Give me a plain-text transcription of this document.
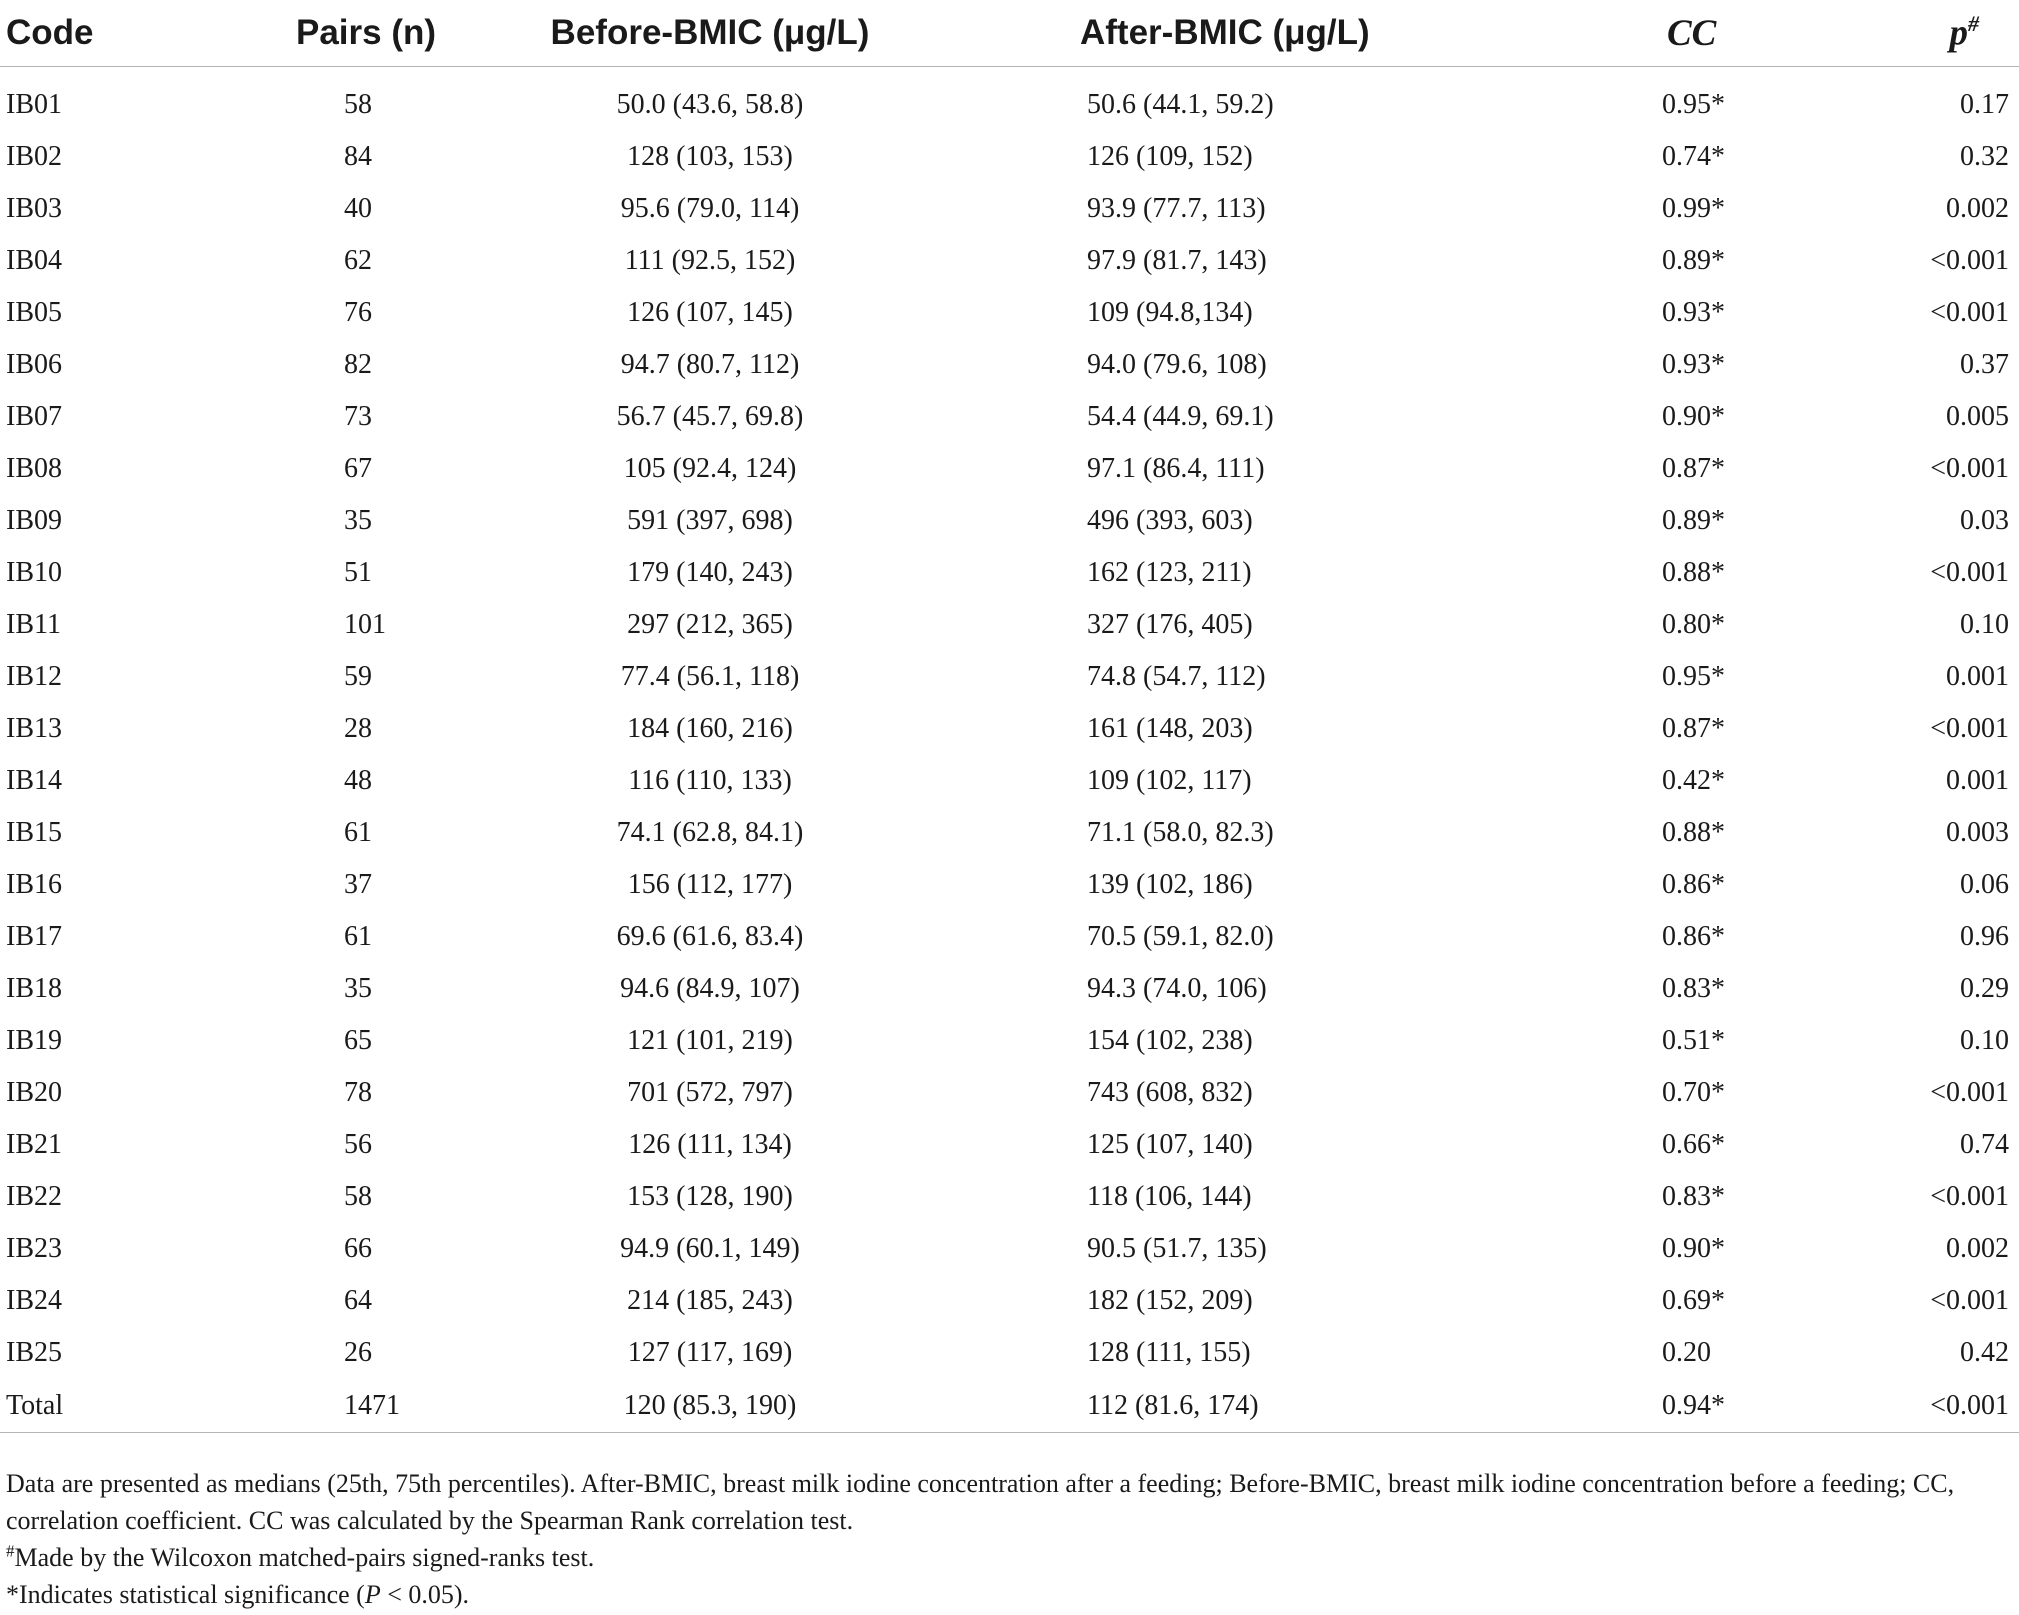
Code	Pairs (n)	Before-BMIC (μg/L)	After-BMIC (μg/L)	CC	p#

IB01	58	50.0 (43.6, 58.8)	50.6 (44.1, 59.2)	0.95*	0.17
IB02	84	128 (103, 153)	126 (109, 152)	0.74*	0.32
IB03	40	95.6 (79.0, 114)	93.9 (77.7, 113)	0.99*	0.002
IB04	62	111 (92.5, 152)	97.9 (81.7, 143)	0.89*	<0.001
IB05	76	126 (107, 145)	109 (94.8,134)	0.93*	<0.001
IB06	82	94.7 (80.7, 112)	94.0 (79.6, 108)	0.93*	0.37
IB07	73	56.7 (45.7, 69.8)	54.4 (44.9, 69.1)	0.90*	0.005
IB08	67	105 (92.4, 124)	97.1 (86.4, 111)	0.87*	<0.001
IB09	35	591 (397, 698)	496 (393, 603)	0.89*	0.03
IB10	51	179 (140, 243)	162 (123, 211)	0.88*	<0.001
IB11	101	297 (212, 365)	327 (176, 405)	0.80*	0.10
IB12	59	77.4 (56.1, 118)	74.8 (54.7, 112)	0.95*	0.001
IB13	28	184 (160, 216)	161 (148, 203)	0.87*	<0.001
IB14	48	116 (110, 133)	109 (102, 117)	0.42*	0.001
IB15	61	74.1 (62.8, 84.1)	71.1 (58.0, 82.3)	0.88*	0.003
IB16	37	156 (112, 177)	139 (102, 186)	0.86*	0.06
IB17	61	69.6 (61.6, 83.4)	70.5 (59.1, 82.0)	0.86*	0.96
IB18	35	94.6 (84.9, 107)	94.3 (74.0, 106)	0.83*	0.29
IB19	65	121 (101, 219)	154 (102, 238)	0.51*	0.10
IB20	78	701 (572, 797)	743 (608, 832)	0.70*	<0.001
IB21	56	126 (111, 134)	125 (107, 140)	0.66*	0.74
IB22	58	153 (128, 190)	118 (106, 144)	0.83*	<0.001
IB23	66	94.9 (60.1, 149)	90.5 (51.7, 135)	0.90*	0.002
IB24	64	214 (185, 243)	182 (152, 209)	0.69*	<0.001
IB25	26	127 (117, 169)	128 (111, 155)	0.20	0.42
Total	1471	120 (85.3, 190)	112 (81.6, 174)	0.94*	<0.001

Data are presented as medians (25th, 75th percentiles). After-BMIC, breast milk iodine concentration after a feeding; Before-BMIC, breast milk iodine concentration before a feeding; CC, correlation coefficient. CC was calculated by the Spearman Rank correlation test.

#Made by the Wilcoxon matched-pairs signed-ranks test.

*Indicates statistical significance (P < 0.05).
